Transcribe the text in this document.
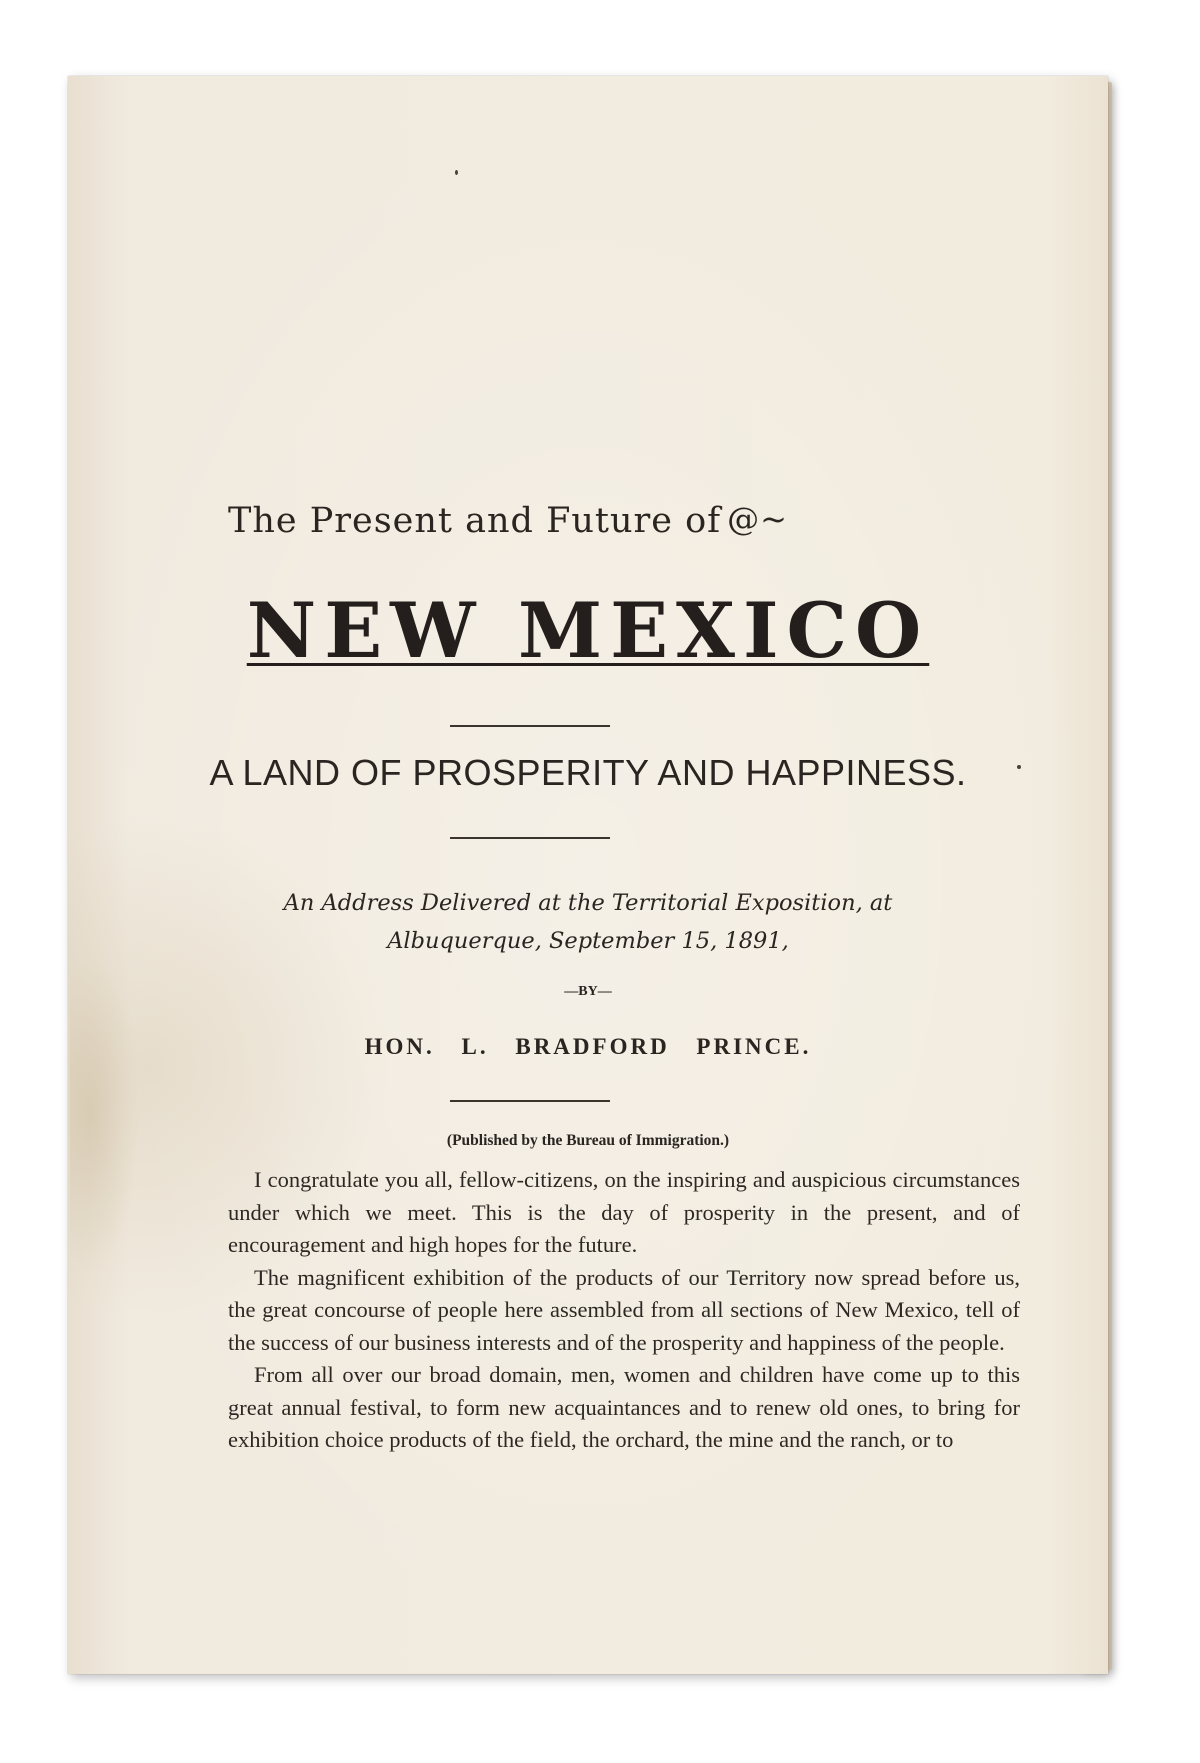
The Present and Future of @~
NEW MEXICO
A LAND OF PROSPERITY AND HAPPINESS.
An Address Delivered at the Territorial Exposition, at Albuquerque, September 15, 1891,
—BY—
HON. L. BRADFORD PRINCE.
(Published by the Bureau of Immigration.)

I congratulate you all, fellow-citizens, on the inspiring and auspicious circumstances under which we meet. This is the day of prosperity in the present, and of encouragement and high hopes for the future.

The magnificent exhibition of the products of our Territory now spread before us, the great concourse of people here assembled from all sections of New Mexico, tell of the success of our business interests and of the prosperity and happiness of the people.

From all over our broad domain, men, women and children have come up to this great annual festival, to form new acquaintances and to renew old ones, to bring for exhibition choice products of the field, the orchard, the mine and the ranch, or to
